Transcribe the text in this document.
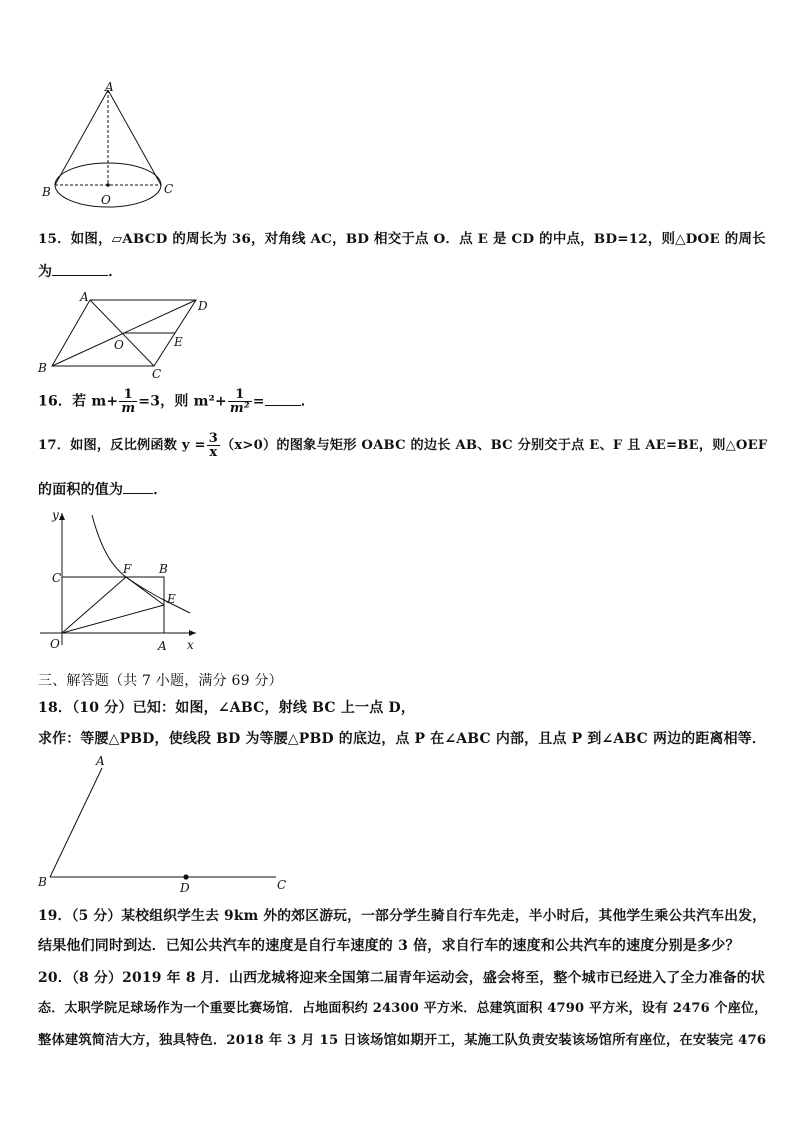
A
B	C
O
15．如图，▱ABCD 的周长为 36，对角线 AC，BD 相交于点 O．点 E 是 CD 的中点，BD=12，则△DOE 的周长
为	．
A
D
O	E
B	C
16．若 $m+ \frac{1}{m} =3$，则 $m^2+ \frac{1}{\text{m²}}$ =	．
17．如图，反比例函数 $y = \frac{3}{x} (x>0)$的图象与矩形 OABC 的边长 AB、BC 分别交于点 E、F 且 AE=BE，则△OEF
的面积的值为 ．
y
x
C
F B
E
O	A
三、解答题（共 7 小题，满分 69 分）
18．（10 分）已知：如图，∠ABC，射线 BC 上一点 D，
求作：等腰△PBD，使线段 BD 为等腰△PBD 的底边，点 P 在∠ABC 内部，且点 P 到∠ABC 两边的距离相等．
A
B	D	C
19．（5 分）某校组织学生去 9km 外的郊区游玩，一部分学生骑自行车先走，半小时后，其他学生乘公共汽车出发，
结果他们同时到达．已知公共汽车的速度是自行车速度的 3 倍，求自行车的速度和公共汽车的速度分别是多少？
20．（8 分）2019 年 8 月．山西龙城将迎来全国第二届青年运动会，盛会将至，整个城市已经进入了全力准备的状
态．太职学院足球场作为一个重要比赛场馆．占地面积约 24300 平方米．总建筑面积 4790 平方米，设有 2476 个座位，
整体建筑简洁大方，独具特色．2018 年 3 月 15 日该场馆如期开工，某施工队负责安装该场馆所有座位，在安装完 476
